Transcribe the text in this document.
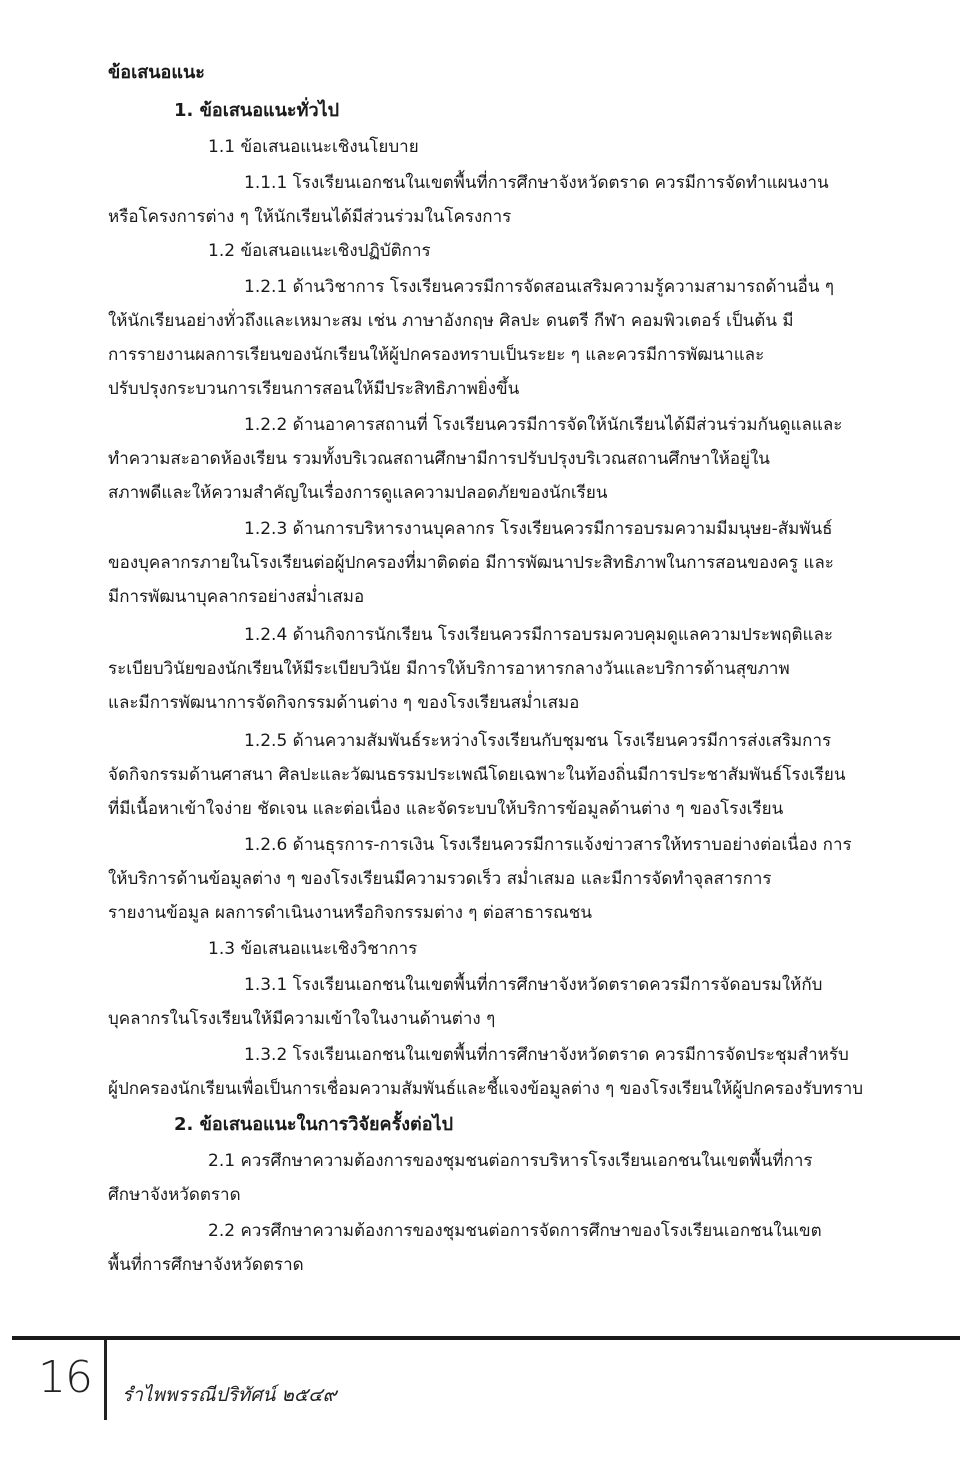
ข้อเสนอแนะ
1. ข้อเสนอแนะทั่วไป
1.1 ข้อเสนอแนะเชิงนโยบาย
1.1.1 โรงเรียนเอกชนในเขตพื้นที่การศึกษาจังหวัดตราด ควรมีการจัดทำแผนงาน
หรือโครงการต่าง ๆ ให้นักเรียนได้มีส่วนร่วมในโครงการ
1.2 ข้อเสนอแนะเชิงปฏิบัติการ
1.2.1 ด้านวิชาการ โรงเรียนควรมีการจัดสอนเสริมความรู้ความสามารถด้านอื่น ๆ
ให้นักเรียนอย่างทั่วถึงและเหมาะสม เช่น ภาษาอังกฤษ ศิลปะ ดนตรี กีฬา คอมพิวเตอร์ เป็นต้น มี
การรายงานผลการเรียนของนักเรียนให้ผู้ปกครองทราบเป็นระยะ ๆ และควรมีการพัฒนาและ
ปรับปรุงกระบวนการเรียนการสอนให้มีประสิทธิภาพยิ่งขึ้น
1.2.2 ด้านอาคารสถานที่ โรงเรียนควรมีการจัดให้นักเรียนได้มีส่วนร่วมกันดูแลและ
ทำความสะอาดห้องเรียน รวมทั้งบริเวณสถานศึกษามีการปรับปรุงบริเวณสถานศึกษาให้อยู่ใน
สภาพดีและให้ความสำคัญในเรื่องการดูแลความปลอดภัยของนักเรียน
1.2.3 ด้านการบริหารงานบุคลากร โรงเรียนควรมีการอบรมความมีมนุษย-สัมพันธ์
ของบุคลากรภายในโรงเรียนต่อผู้ปกครองที่มาติดต่อ มีการพัฒนาประสิทธิภาพในการสอนของครู และ
มีการพัฒนาบุคลากรอย่างสม่ำเสมอ
1.2.4 ด้านกิจการนักเรียน โรงเรียนควรมีการอบรมควบคุมดูแลความประพฤติและ
ระเบียบวินัยของนักเรียนให้มีระเบียบวินัย มีการให้บริการอาหารกลางวันและบริการด้านสุขภาพ
และมีการพัฒนาการจัดกิจกรรมด้านต่าง ๆ ของโรงเรียนสม่ำเสมอ
1.2.5 ด้านความสัมพันธ์ระหว่างโรงเรียนกับชุมชน โรงเรียนควรมีการส่งเสริมการ
จัดกิจกรรมด้านศาสนา ศิลปะและวัฒนธรรมประเพณีโดยเฉพาะในท้องถิ่นมีการประชาสัมพันธ์โรงเรียน
ที่มีเนื้อหาเข้าใจง่าย ชัดเจน และต่อเนื่อง และจัดระบบให้บริการข้อมูลด้านต่าง ๆ ของโรงเรียน
1.2.6 ด้านธุรการ-การเงิน โรงเรียนควรมีการแจ้งข่าวสารให้ทราบอย่างต่อเนื่อง การ
ให้บริการด้านข้อมูลต่าง ๆ ของโรงเรียนมีความรวดเร็ว สม่ำเสมอ และมีการจัดทำจุลสารการ
รายงานข้อมูล ผลการดำเนินงานหรือกิจกรรมต่าง ๆ ต่อสาธารณชน
1.3 ข้อเสนอแนะเชิงวิชาการ
1.3.1 โรงเรียนเอกชนในเขตพื้นที่การศึกษาจังหวัดตราดควรมีการจัดอบรมให้กับ
บุคลากรในโรงเรียนให้มีความเข้าใจในงานด้านต่าง ๆ
1.3.2 โรงเรียนเอกชนในเขตพื้นที่การศึกษาจังหวัดตราด ควรมีการจัดประชุมสำหรับ
ผู้ปกครองนักเรียนเพื่อเป็นการเชื่อมความสัมพันธ์และชี้แจงข้อมูลต่าง ๆ ของโรงเรียนให้ผู้ปกครองรับทราบ
2. ข้อเสนอแนะในการวิจัยครั้งต่อไป
2.1 ควรศึกษาความต้องการของชุมชนต่อการบริหารโรงเรียนเอกชนในเขตพื้นที่การ
ศึกษาจังหวัดตราด
2.2 ควรศึกษาความต้องการของชุมชนต่อการจัดการศึกษาของโรงเรียนเอกชนในเขต
พื้นที่การศึกษาจังหวัดตราด
16 รำไพพรรณีปริทัศน์ ๒๕๔๙
